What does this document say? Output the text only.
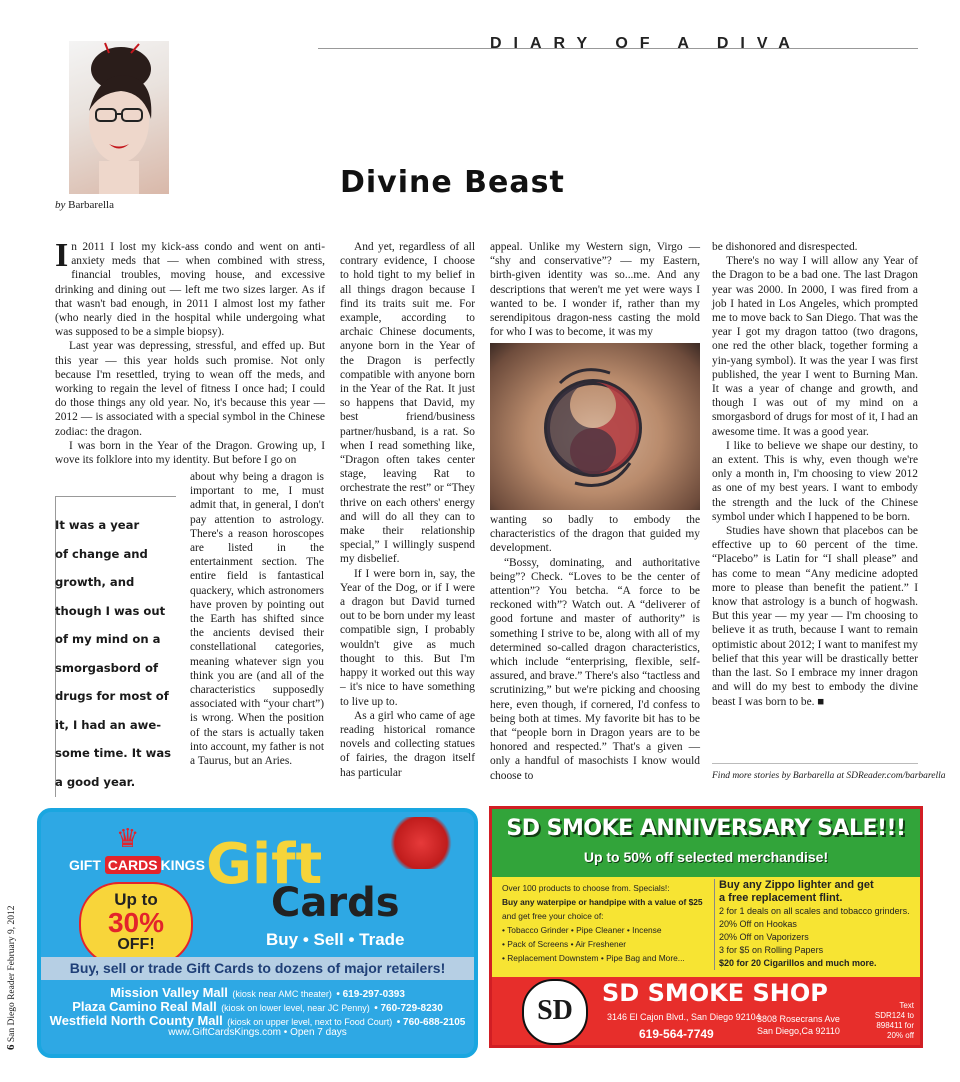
DIARY OF A DIVA
by Barbarella
Divine Beast

In 2011 I lost my kick-ass condo and went on anti-anxiety meds that — when combined with stress, financial troubles, moving house, and excessive drinking and dining out — left me two sizes larger. As if that wasn't bad enough, in 2011 I almost lost my father (who nearly died in the hospital while undergoing what was supposed to be a simple biopsy).

Last year was depressing, stressful, and effed up. But this year — this year holds such promise. Not only because I'm resettled, trying to wean off the meds, and working to regain the level of fitness I once had; I could do those things any old year. No, it's because this year — 2012 — is associated with a special symbol in the Chinese zodiac: the dragon.

I was born in the Year of the Dragon. Growing up, I wove its folklore into my identity. But before I go on

about why being a dragon is important to me, I must admit that, in general, I don't pay attention to astrology. There's a reason horoscopes are listed in the entertainment section. The entire field is fantastical quackery, which astronomers have proven by pointing out the Earth has shifted since the ancients devised their constellational categories, meaning whatever sign you think you are (and all of the characteristics supposedly associated with “your chart”) is wrong. When the position of the stars is actually taken into account, my father is not a Taurus, but an Aries.

It was a year
of change and
growth, and
though I was out
of my mind on a
smorgasbord of
drugs for most of
it, I had an awe-
some time. It was
a good year.

And yet, regardless of all contrary evidence, I choose to hold tight to my belief in all things dragon because I find its traits suit me. For example, according to archaic Chinese documents, anyone born in the Year of the Dragon is perfectly compatible with anyone born in the Year of the Rat. It just so happens that David, my best friend/business partner/husband, is a rat. So when I read something like, “Dragon often takes center stage, leaving Rat to orchestrate the rest” or “They thrive on each others' energy and will do all they can to make their relationship special,” I willingly suspend my disbelief.

If I were born in, say, the Year of the Dog, or if I were a dragon but David turned out to be born under my least compatible sign, I probably wouldn't give as much thought to this. But I'm happy it worked out this way – it's nice to have something to live up to.

As a girl who came of age reading historical romance novels and collecting statues of fairies, the dragon itself has particular

appeal. Unlike my Western sign, Virgo — “shy and conservative”? — my Eastern, birth-given identity was so...me. And any descriptions that weren't me yet were ways I wanted to be. I wonder if, rather than my serendipitous dragon-ness casting the mold for who I was to become, it was my

wanting so badly to embody the characteristics of the dragon that guided my development.

“Bossy, dominating, and authoritative being”? Check. “Loves to be the center of attention”? You betcha. “A force to be reckoned with”? Watch out. A “deliverer of good fortune and master of authority” is something I strive to be, along with all of my determined so-called dragon characteristics, which include “enterprising, flexible, self-assured, and brave.” There's also “tactless and scrutinizing,” but we're picking and choosing here, even though, if cornered, I'd confess to being both at times. My favorite bit has to be that “people born in Dragon years are to be honored and respected.” That's a given — only a handful of masochists I know would choose to

be dishonored and disrespected.

There's no way I will allow any Year of the Dragon to be a bad one. The last Dragon year was 2000. In 2000, I was fired from a job I hated in Los Angeles, which prompted me to move back to San Diego. That was the year I got my dragon tattoo (two dragons, one red the other black, together forming a yin-yang symbol). It was the year I was first published, the year I went to Burning Man. It was a year of change and growth, and though I was out of my mind on a smorgasbord of drugs for most of it, I had an awesome time. It was a good year.

I like to believe we shape our destiny, to an extent. This is why, even though we're only a month in, I'm choosing to view 2012 as one of my best years. I want to embody the strength and the luck of the Chinese symbol under which I happened to be born.

Studies have shown that placebos can be effective up to 60 percent of the time. “Placebo” is Latin for “I shall please” and has come to mean “Any medicine adopted more to please than benefit the patient.” I know that astrology is a bunch of hogwash. But this year — my year — I'm choosing to believe it as truth, because I want to remain optimistic about 2012; I want to manifest my belief that this year will be drastically better than the last. So I embrace my inner dragon and will do my best to embody the divine beast I was born to be. ■

Find more stories by Barbarella at SDReader.com/barbarella
6 San Diego Reader February 9, 2012
♛
GIFT CARDS KINGS
Up to
30%
OFF!
Gift
Cards
Buy • Sell • Trade
Buy, sell or trade Gift Cards to dozens of major retailers!
Mission Valley Mall (kiosk near AMC theater) • 619-297-0393
Plaza Camino Real Mall (kiosk on lower level, near JC Penny) • 760-729-8230
Westfield North County Mall (kiosk on upper level, next to Food Court) • 760-688-2105
www.GiftCardsKings.com • Open 7 days
SD SMOKE ANNIVERSARY SALE!!!
Up to 50% off selected merchandise!
Over 100 products to choose from. Specials!:
Buy any waterpipe or handpipe with a value of $25
and get free your choice of:
• Tobacco Grinder • Pipe Cleaner • Incense
• Pack of Screens • Air Freshener
• Replacement Downstem • Pipe Bag and More...
Buy any Zippo lighter and get
a free replacement flint.
2 for 1 deals on all scales and tobacco grinders.
20% Off on Hookas
20% Off on Vaporizers
3 for $5 on Rolling Papers
$20 for 20 Cigarillos and much more.
SD
SD SMOKE SHOP
3146 El Cajon Blvd., San Diego 92104
619-564-7749
3808 Rosecrans Ave
San Diego,Ca 92110
Text
SDR124 to
898411 for
20% off
